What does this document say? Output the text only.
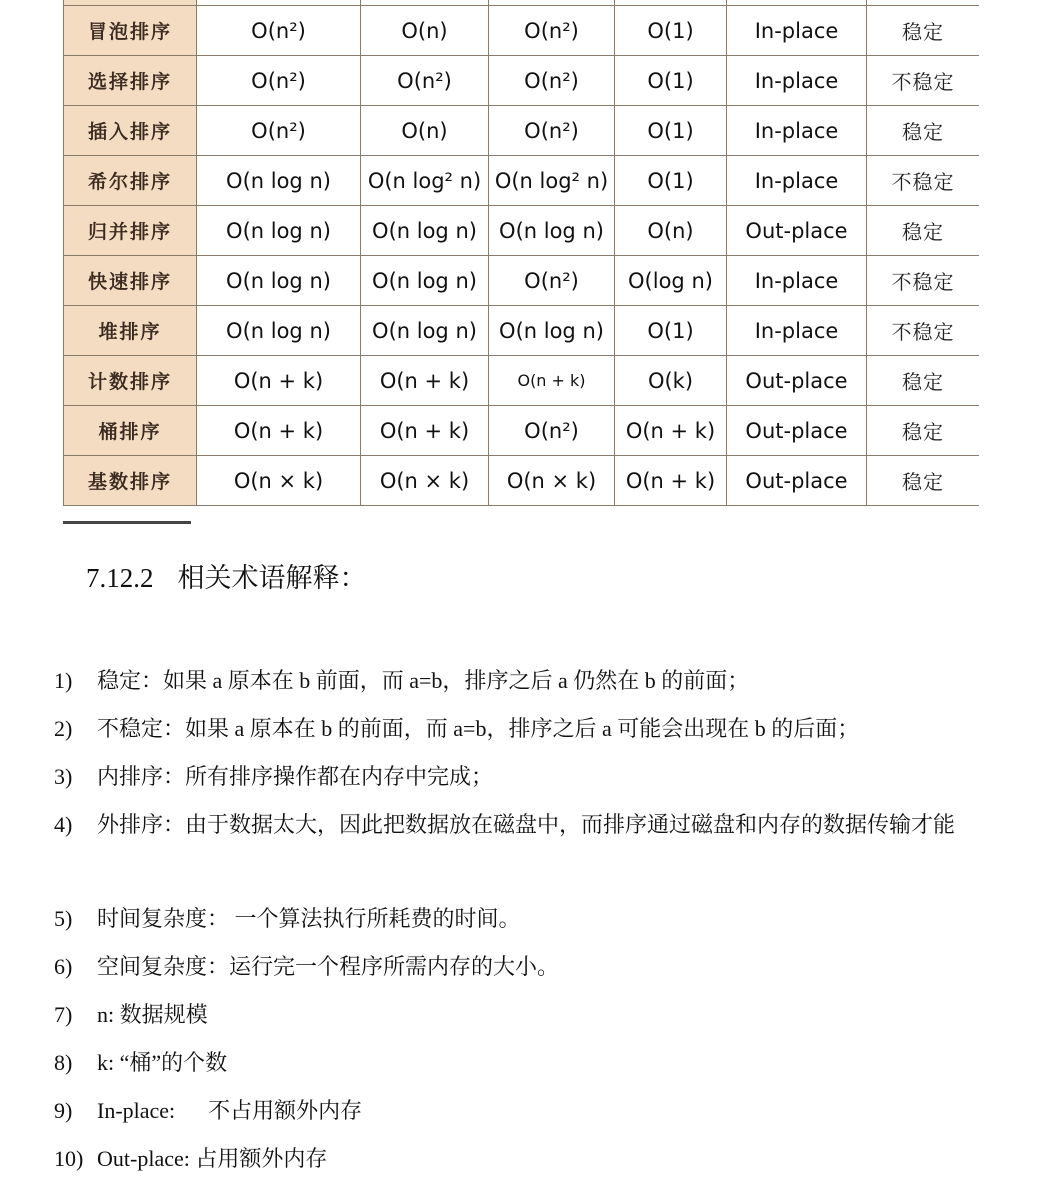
冒泡排序	O(n²)	O(n)	O(n²)	O(1)	In-place	稳定
选择排序	O(n²)	O(n²)	O(n²)	O(1)	In-place	不稳定
插入排序	O(n²)	O(n)	O(n²)	O(1)	In-place	稳定
希尔排序	O(n log n)	O(n log² n)	O(n log² n)	O(1)	In-place	不稳定
归并排序	O(n log n)	O(n log n)	O(n log n)	O(n)	Out-place	稳定
快速排序	O(n log n)	O(n log n)	O(n²)	O(log n)	In-place	不稳定
堆排序	O(n log n)	O(n log n)	O(n log n)	O(1)	In-place	不稳定
计数排序	O(n + k)	O(n + k)	O(n + k)	O(k)	Out-place	稳定
桶排序	O(n + k)	O(n + k)	O(n²)	O(n + k)	Out-place	稳定
基数排序	O(n × k)	O(n × k)	O(n × k)	O(n + k)	Out-place	稳定
7.12.2 相关术语解释：
1) 稳定：如果 a 原本在 b 前面，而 a=b，排序之后 a 仍然在 b 的前面；
2) 不稳定：如果 a 原本在 b 的前面，而 a=b，排序之后 a 可能会出现在 b 的后面；
3) 内排序：所有排序操作都在内存中完成；
4) 外排序：由于数据太大，因此把数据放在磁盘中，而排序通过磁盘和内存的数据传输才能
5) 时间复杂度： 一个算法执行所耗费的时间。
6) 空间复杂度：运行完一个程序所需内存的大小。
7) n: 数据规模
8) k: “桶”的个数
9) In-place:      不占用额外内存
10) Out-place: 占用额外内存
